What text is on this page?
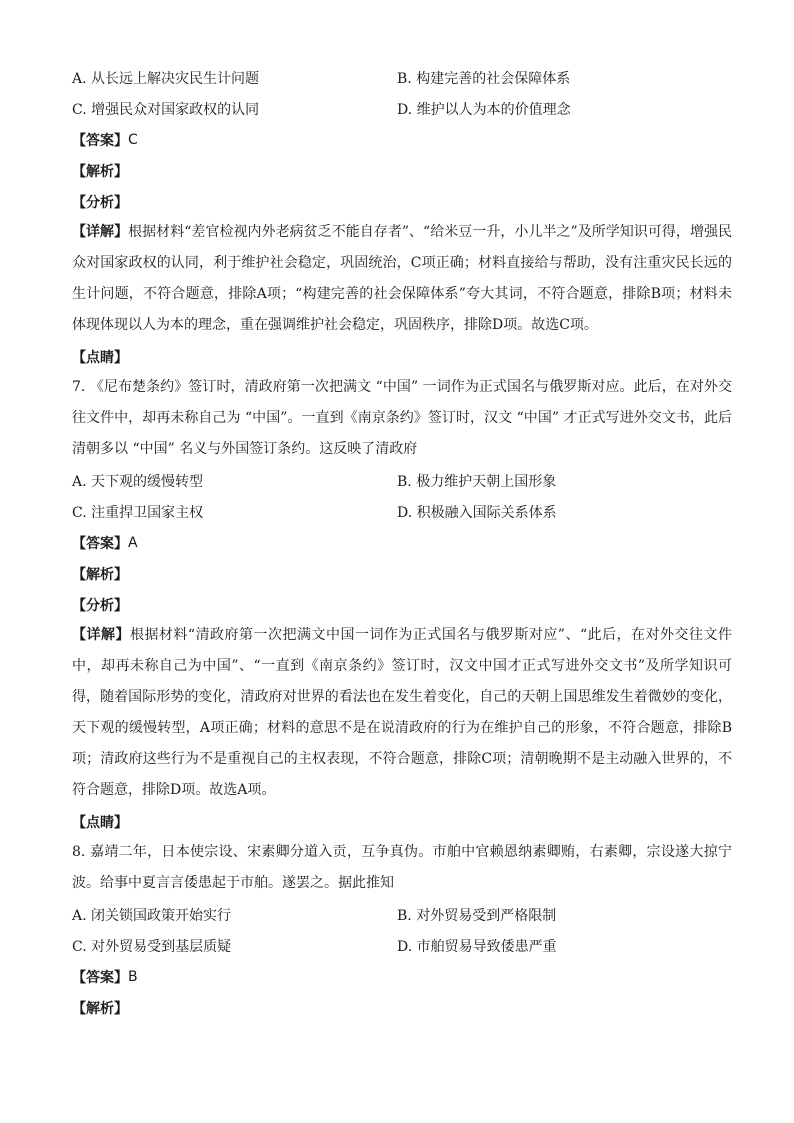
A. 从长远上解决灾民生计问题	B. 构建完善的社会保障体系
C. 增强民众对国家政权的认同	D. 维护以人为本的价值理念
【答案】 C
【解析】
【分析】
【详解】根据材料“差官检视内外老病贫乏不能自存者”、“给米豆一升，小儿半之”及所学知识可得，增强民众对国家政权的认同，利于维护社会稳定，巩固统治，C项正确；材料直接给与帮助，没有注重灾民长远的生计问题，不符合题意，排除A项；“构建完善的社会保障体系”夸大其词，不符合题意，排除B项；材料未体现体现以人为本的理念，重在强调维护社会稳定，巩固秩序，排除D项。故选C项。
【点睛】
7. 《尼布楚条约》签订时，清政府第一次把满文 “中国” 一词作为正式国名与俄罗斯对应。此后，在对外交往文件中，却再未称自己为 “中国”。一直到《南京条约》签订时，汉文 “中国” 才正式写进外交文书，此后清朝多以 “中国” 名义与外国签订条约。这反映了清政府
A. 天下观的缓慢转型	B. 极力维护天朝上国形象
C. 注重捍卫国家主权	D. 积极融入国际关系体系
【答案】 A
【解析】
【分析】
【详解】根据材料“清政府第一次把满文中国一词作为正式国名与俄罗斯对应”、“此后，在对外交往文件中，却再未称自己为中国”、“一直到《南京条约》签订时，汉文中国才正式写进外交文书”及所学知识可得，随着国际形势的变化，清政府对世界的看法也在发生着变化，自己的天朝上国思维发生着微妙的变化，天下观的缓慢转型，A项正确；材料的意思不是在说清政府的行为在维护自己的形象，不符合题意，排除B项；清政府这些行为不是重视自己的主权表现，不符合题意，排除C项；清朝晚期不是主动融入世界的，不符合题意，排除D项。故选A项。
【点睛】
8. 嘉靖二年，日本使宗设、宋素卿分道入贡，互争真伪。市舶中官赖恩纳素卿贿，右素卿，宗设遂大掠宁波。给事中夏言言倭患起于市舶。遂罢之。据此推知
A. 闭关锁国政策开始实行	B. 对外贸易受到严格限制
C. 对外贸易受到基层质疑	D. 市舶贸易导致倭患严重
【答案】 B
【解析】
